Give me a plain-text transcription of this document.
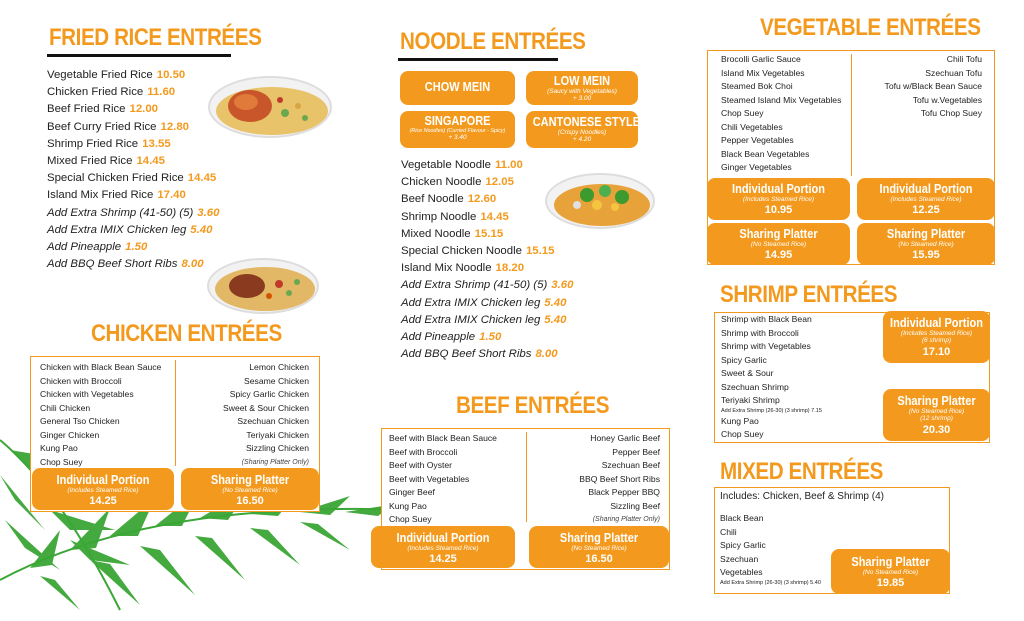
FRIED RICE ENTRÉES
Vegetable Fried Rice 10.50
Chicken Fried Rice 11.60
Beef Fried Rice 12.00
Beef Curry Fried Rice 12.80
Shrimp Fried Rice 13.55
Mixed Fried Rice 14.45
Special Chicken Fried Rice 14.45
Island Mix Fried Rice 17.40
Add Extra Shrimp (41-50) (5) 3.60
Add Extra IMIX Chicken leg 5.40
Add Pineapple 1.50
Add BBQ Beef Short Ribs 8.00
CHICKEN ENTRÉES
Chicken with Black Bean Sauce
Chicken with Broccoli
Chicken with Vegetables
Chili Chicken
General Tso Chicken
Ginger Chicken
Kung Pao
Chop Suey
Lemon Chicken
Sesame Chicken
Spicy Garlic Chicken
Sweet & Sour Chicken
Szechuan Chicken
Teriyaki Chicken
Sizzling Chicken
(Sharing Platter Only)
Individual Portion
(Includes Steamed Rice)
14.25
Sharing Platter
(No Steamed Rice)
16.50
NOODLE ENTRÉES
CHOW MEIN	LOW MEIN
(Saucy with Vegetables)
+ 3.00
SINGAPORE
(Rice Noodles) (Curried Flavour - Spicy)
+ 3.40
CANTONESE STYLE
(Crispy Noodles)
+ 4.20
Vegetable Noodle 11.00
Chicken Noodle 12.05
Beef Noodle 12.60
Shrimp Noodle 14.45
Mixed Noodle 15.15
Special Chicken Noodle 15.15
Island Mix Noodle 18.20
Add Extra Shrimp (41-50) (5) 3.60
Add Extra IMIX Chicken leg 5.40
Add Extra IMIX Chicken leg 5.40
Add Pineapple 1.50
Add BBQ Beef Short Ribs 8.00
BEEF ENTRÉES
Beef with Black Bean Sauce
Beef with Broccoli
Beef with Oyster
Beef with Vegetables
Ginger Beef
Kung Pao
Chop Suey
Honey Garlic Beef
Pepper Beef
Szechuan Beef
BBQ Beef Short Ribs
Black Pepper BBQ
Sizzling Beef
(Sharing Platter Only)
Individual Portion
(Includes Steamed Rice)
14.25
Sharing Platter
(No Steamed Rice)
16.50
VEGETABLE ENTRÉES
Brocolli Garlic Sauce
Island Mix Vegetables
Steamed Bok Choi
Steamed Island Mix Vegetables
Chop Suey
Chili Vegetables
Pepper Vegetables
Black Bean Vegetables
Ginger Vegetables
Chili Tofu
Szechuan Tofu
Tofu w/Black Bean Sauce
Tofu w.Vegetables
Tofu Chop Suey
Individual Portion
(Includes Steamed Rice)
10.95
Individual Portion
(Includes Steamed Rice)
12.25
Sharing Platter
(No Steamed Rice)
14.95
Sharing Platter
(No Steamed Rice)
15.95
SHRIMP ENTRÉES
Shrimp with Black Bean
Shrimp with Broccoli
Shrimp with Vegetables
Spicy Garlic
Sweet & Sour
Szechuan Shrimp
Teriyaki Shrimp
Add Extra Shrimp (26-30) (3 shrimp) 7.15
Kung Pao
Chop Suey
Individual Portion
(Includes Steamed Rice)
(6 shrimp)
17.10
Sharing Platter
(No Steamed Rice)
(12 shrimp)
20.30
MIXED ENTRÉES
Includes: Chicken, Beef & Shrimp (4)
Black Bean
Chili
Spicy Garlic
Szechuan
Vegetables
Add Extra Shrimp (26-30) (3 shrimp) 5.40
Sharing Platter
(No Steamed Rice)
19.85
